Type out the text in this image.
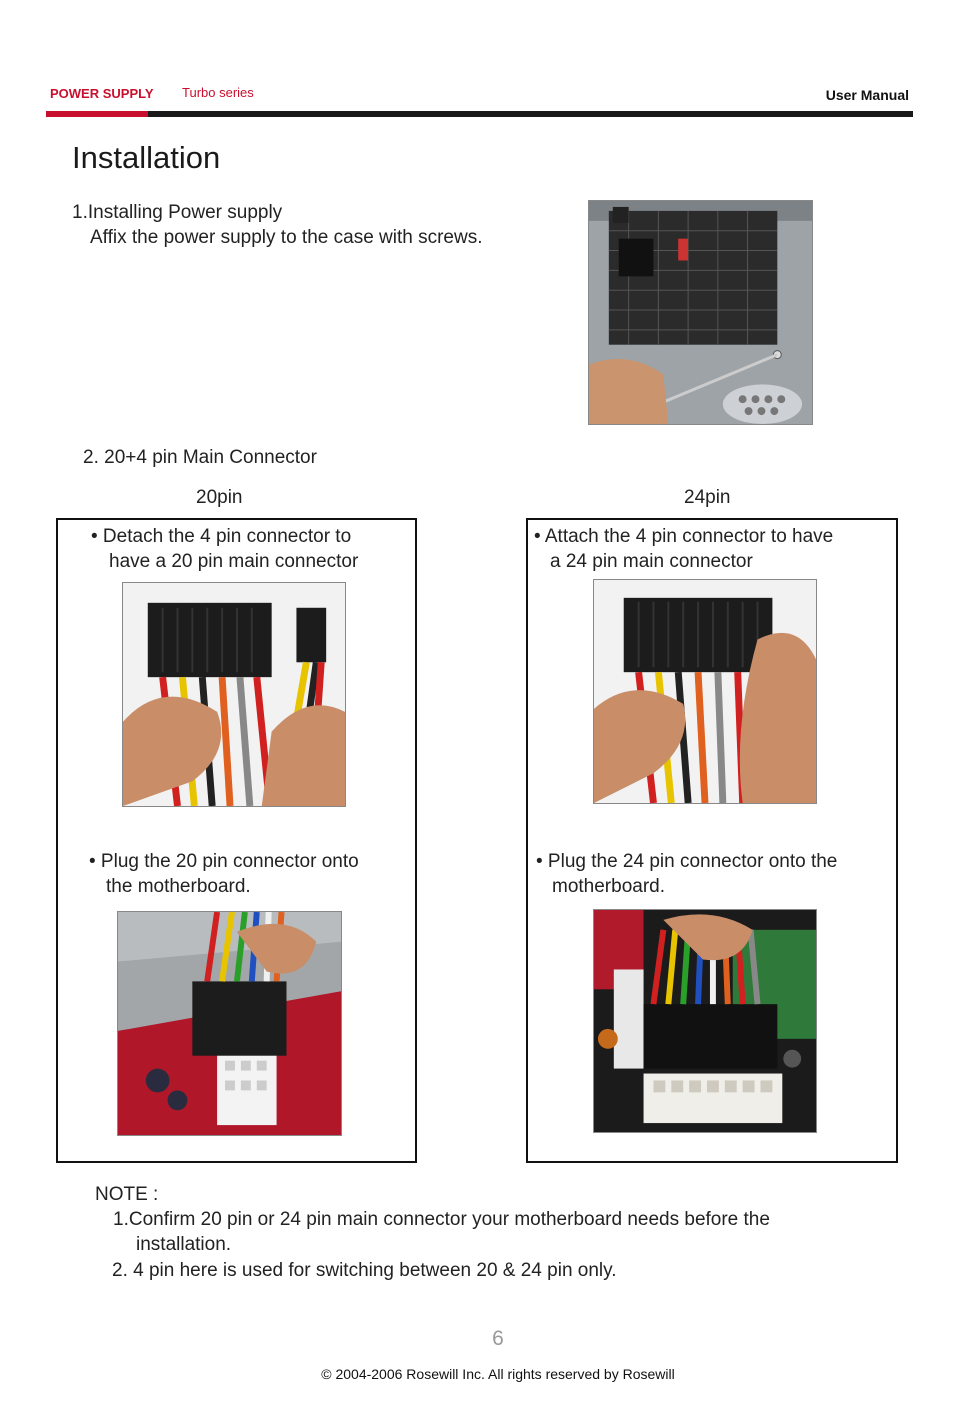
POWER SUPPLY Turbo series	User Manual
Installation
1.Installing Power supply
Affix the power supply to the case with screws.
2. 20+4 pin Main Connector
20pin	24pin
• Detach the 4 pin connector to
have a 20 pin main connector
• Plug the 20 pin connector onto
the motherboard.
• Attach the 4 pin connector to have
a 24 pin main connector
• Plug the 24 pin connector onto the
motherboard.
NOTE :
1.Confirm 20 pin or 24 pin main connector your motherboard needs before the
installation.
2. 4 pin here is used for switching between 20 & 24 pin only.
6
© 2004-2006 Rosewill Inc. All rights reserved by Rosewill
